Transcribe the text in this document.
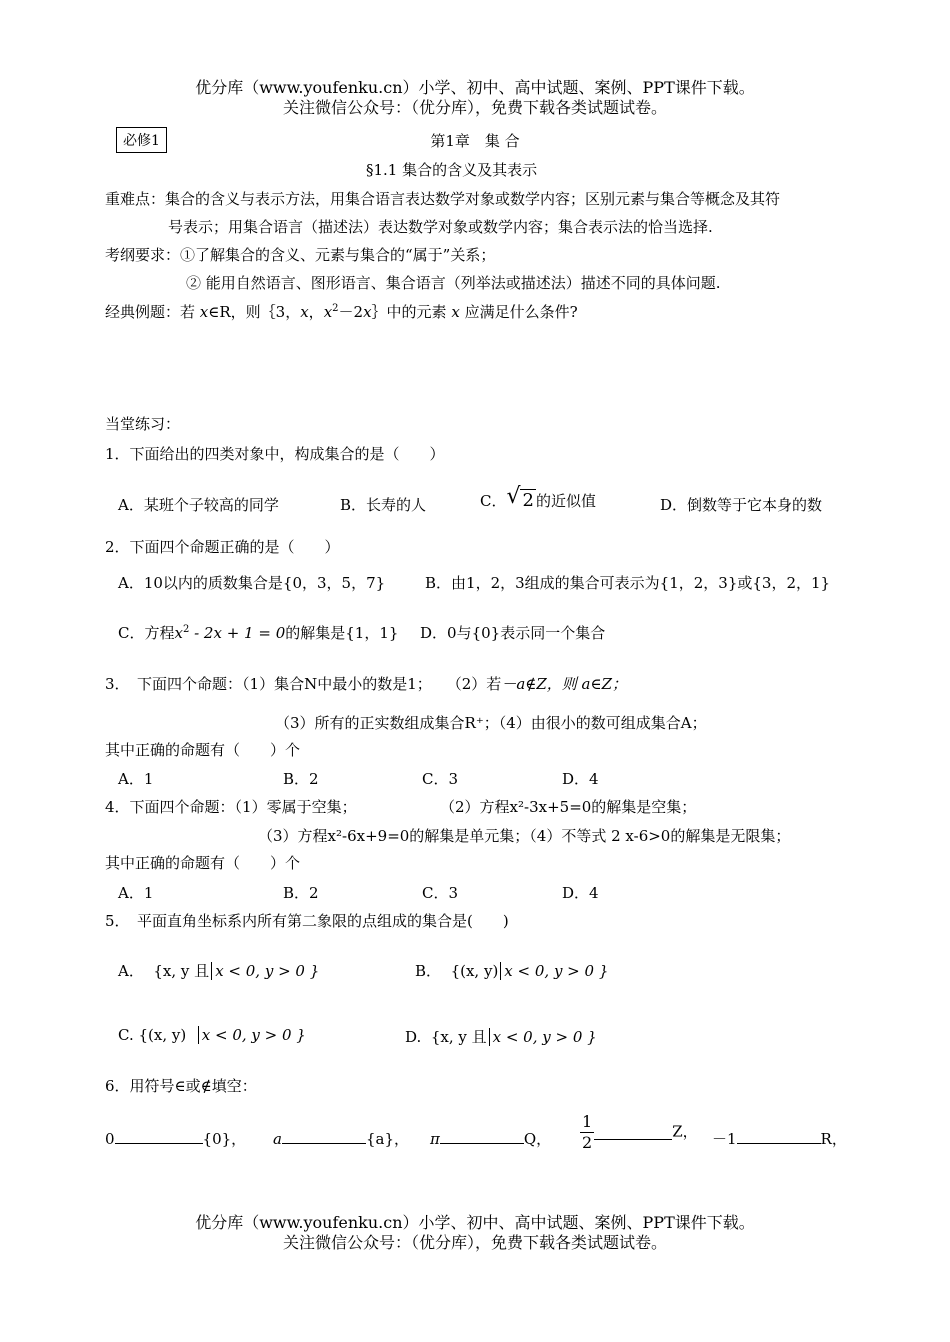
优分库（www.youfenku.cn）小学、初中、高中试题、案例、PPT课件下载。
关注微信公众号：（优分库），免费下载各类试题试卷。
必修1	第1章　集 合
§1.1 集合的含义及其表示
重难点：集合的含义与表示方法，用集合语言表达数学对象或数学内容；区别元素与集合等概念及其符
号表示；用集合语言（描述法）表达数学对象或数学内容；集合表示法的恰当选择.
考纲要求：①了解集合的含义、元素与集合的“属于”关系；
② 能用自然语言、图形语言、集合语言（列举法或描述法）描述不同的具体问题.
经典例题：若 x∈R，则｛3，x，$x^2-2x\}$中的元素 x 应满足什么条件?
当堂练习：
1．下面给出的四类对象中，构成集合的是（　　）
A．某班个子较高的同学	B．长寿的人	C． √ 2 的近似值	D．倒数等于它本身的数
2．下面四个命题正确的是（　　）
A．10以内的质数集合是{0，3，5，7}	B．由1，2，3组成的集合可表示为{1，2，3}或{3，2，1}
C．方程$x^2 - 2x + 1 = 0$的解集是{1，1} D．0与{0}表示同一个集合
3．　下面四个命题：（1）集合N中最小的数是1；　　（2）若－a∉Z，则 a∈Z；
（3）所有的正实数组成集合R⁺；（4）由很小的数可组成集合A；
其中正确的命题有（　　）个
A．1	B．2	C．3	D．4
4．下面四个命题：（1）零属于空集；	（2）方程x²-3x+5=0的解集是空集；
（3）方程x²-6x+9=0的解集是单元集；（4）不等式 2 x-6>0的解集是无限集；
其中正确的命题有（　　）个
A．1	B．2	C．3	D．4
5．　平面直角坐标系内所有第二象限的点组成的集合是(　　)
A． {x, y 且 x < 0, y > 0 }	B． {(x, y) x < 0, y > 0 }
C. {(x, y) x < 0, y > 0 }	D. {x, y 且 x < 0, y > 0 }
6．用符号∈或∉填空：
0	{0}， a	{a}， π	Q， $\frac{1}{2}$	Z， －1	R，
优分库（www.youfenku.cn）小学、初中、高中试题、案例、PPT课件下载。
关注微信公众号：（优分库），免费下载各类试题试卷。
